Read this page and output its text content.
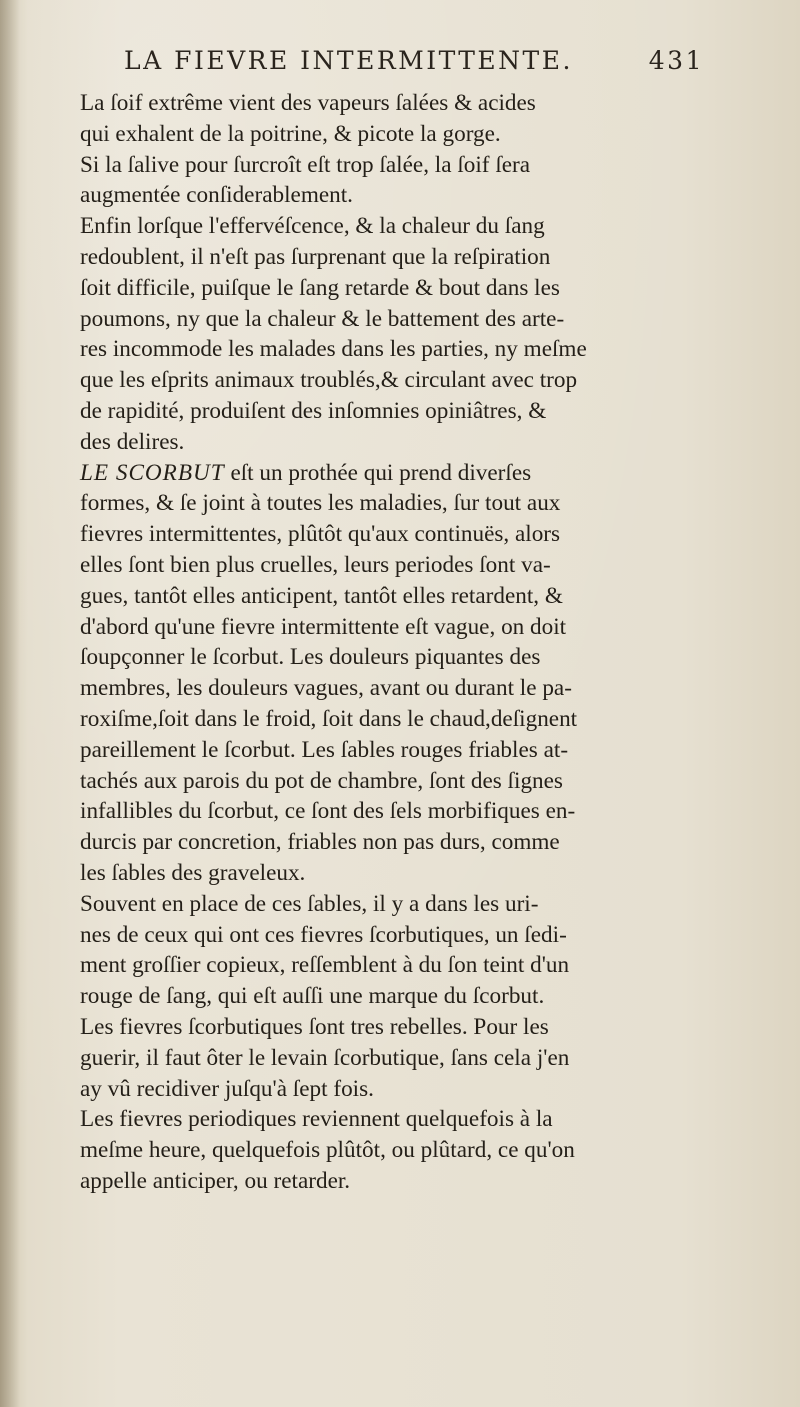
LA FIEVRE INTERMITTENTE.	431

La ſoif extrême vient des vapeurs ſalées & acides
qui exhalent de la poitrine, & picote la gorge.

Si la ſalive pour ſurcroît eſt trop ſalée, la ſoif ſera
augmentée conſiderablement.

Enfin lorſque l'effervéſcence, & la chaleur du ſang
redoublent, il n'eſt pas ſurprenant que la reſpiration
ſoit difficile, puiſque le ſang retarde & bout dans les
poumons, ny que la chaleur & le battement des arte-
res incommode les malades dans les parties, ny meſme
que les eſprits animaux troublés,& circulant avec trop
de rapidité, produiſent des inſomnies opiniâtres, &
des delires.

LE SCORBUT eſt un prothée qui prend diverſes
formes, & ſe joint à toutes les maladies, ſur tout aux
fievres intermittentes, plûtôt qu'aux continuës, alors
elles ſont bien plus cruelles, leurs periodes ſont va-
gues, tantôt elles anticipent, tantôt elles retardent, &
d'abord qu'une fievre intermittente eſt vague, on doit
ſoupçonner le ſcorbut. Les douleurs piquantes des
membres, les douleurs vagues, avant ou durant le pa-
roxiſme,ſoit dans le froid, ſoit dans le chaud,deſignent
pareillement le ſcorbut. Les ſables rouges friables at-
tachés aux parois du pot de chambre, ſont des ſignes
infallibles du ſcorbut, ce ſont des ſels morbifiques en-
durcis par concretion, friables non pas durs, comme
les ſables des graveleux.

Souvent en place de ces ſables, il y a dans les uri-
nes de ceux qui ont ces fievres ſcorbutiques, un ſedi-
ment groſſier copieux, reſſemblent à du ſon teint d'un
rouge de ſang, qui eſt auſſi une marque du ſcorbut.

Les fievres ſcorbutiques ſont tres rebelles. Pour les
guerir, il faut ôter le levain ſcorbutique, ſans cela j'en
ay vû recidiver juſqu'à ſept fois.

Les fievres periodiques reviennent quelquefois à la
meſme heure, quelquefois plûtôt, ou plûtard, ce qu'on
appelle anticiper, ou retarder.
